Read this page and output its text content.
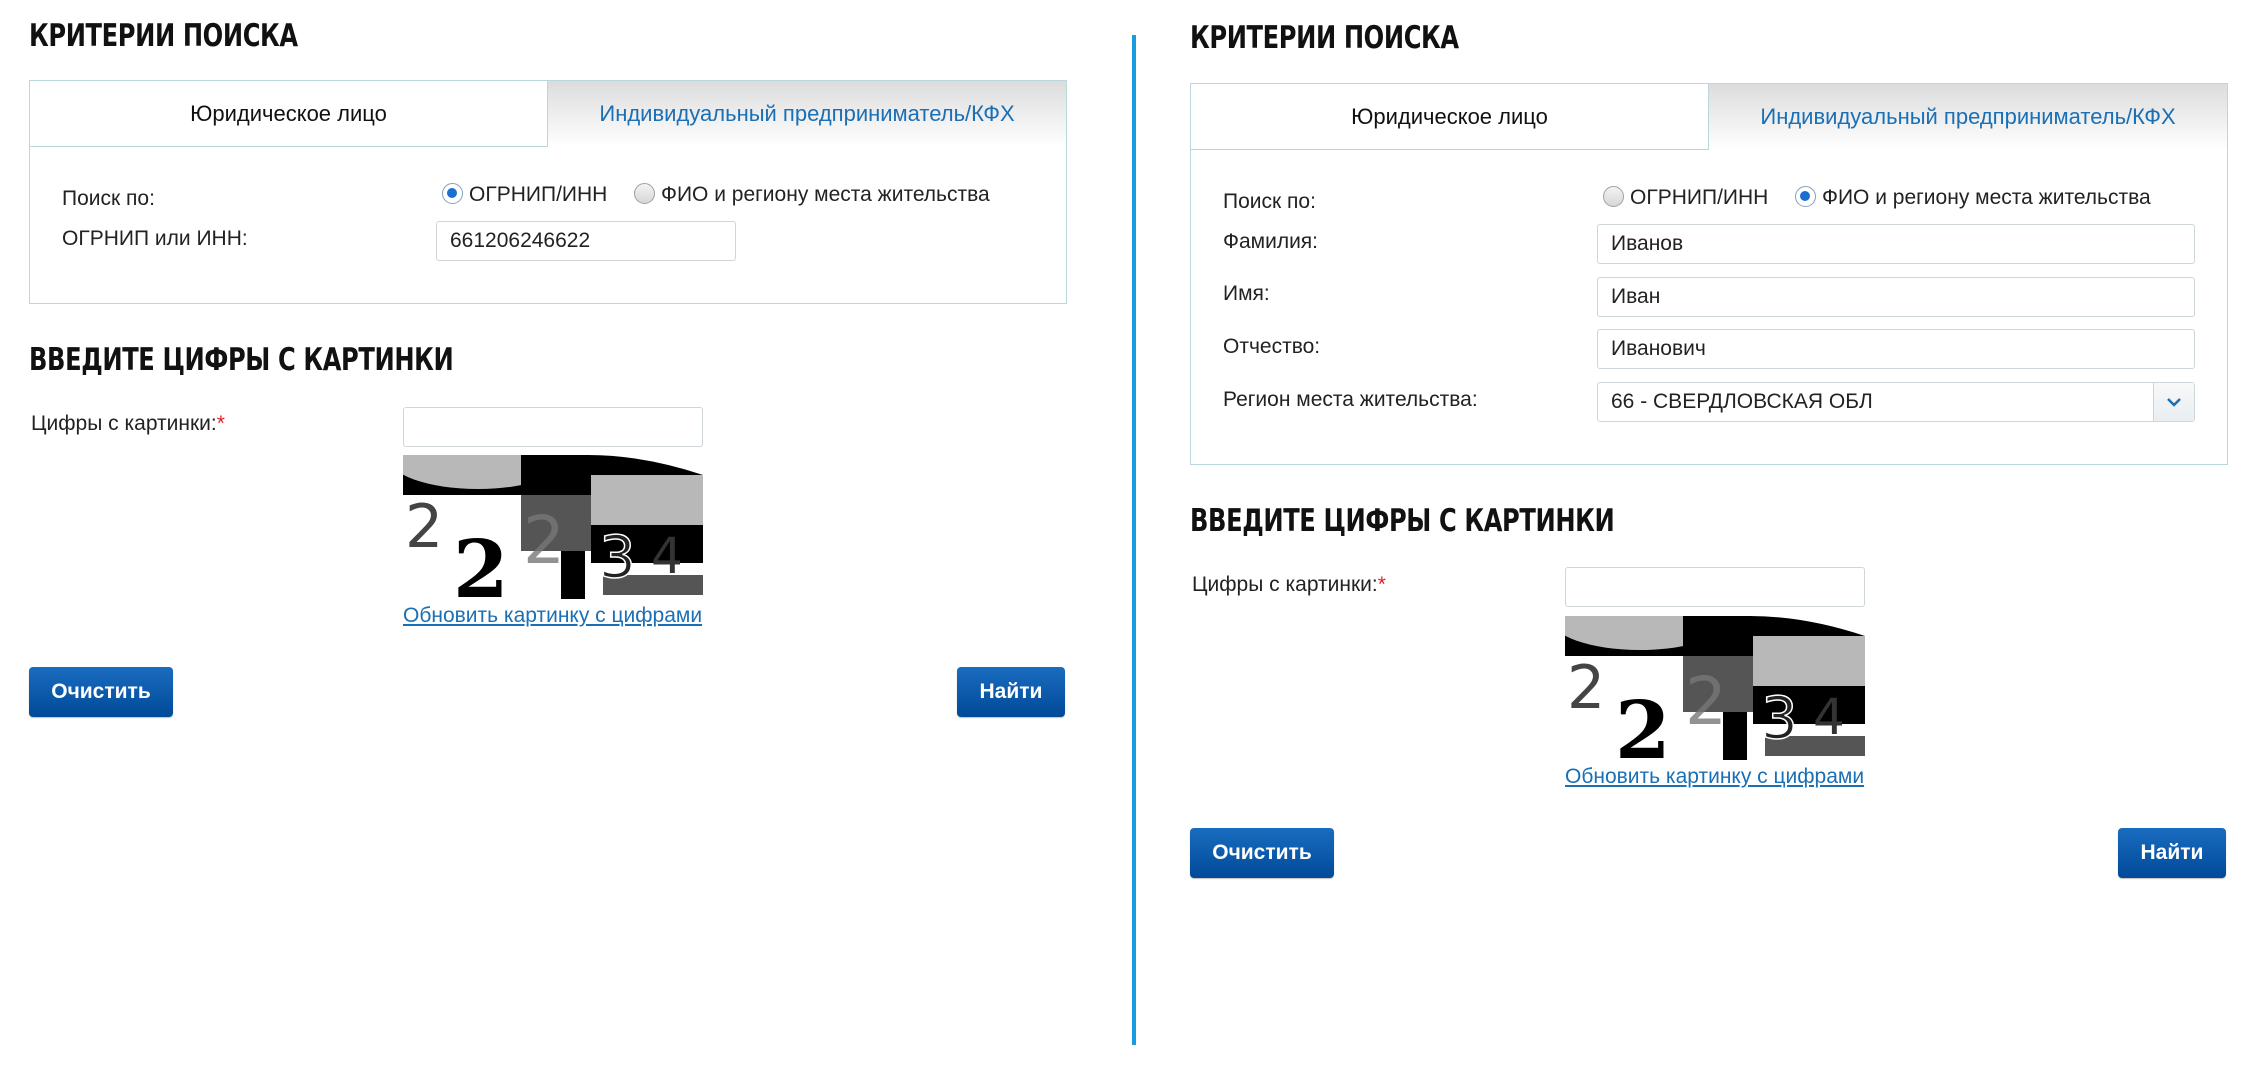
КРИТЕРИИ ПОИСКА
Юридическое лицо	Индивидуальный предприниматель/КФХ
Поиск по:	ОГРНИП/ИНН	ФИО и региону места жительства
ОГРНИП или ИНН:	661206246622
ВВЕДИТЕ ЦИФРЫ С КАРТИНКИ
Цифры с картинки:*
2 2 2 3 4
Обновить картинку с цифрами
Очистить	Найти
КРИТЕРИИ ПОИСКА
Юридическое лицо	Индивидуальный предприниматель/КФХ
Поиск по:	ОГРНИП/ИНН	ФИО и региону места жительства
Фамилия:	Иванов
Имя:	Иван
Отчество:	Иванович
Регион места жительства:	66 - СВЕРДЛОВСКАЯ ОБЛ
ВВЕДИТЕ ЦИФРЫ С КАРТИНКИ
Цифры с картинки:*
2 2 2 3 4
Обновить картинку с цифрами
Очистить	Найти
